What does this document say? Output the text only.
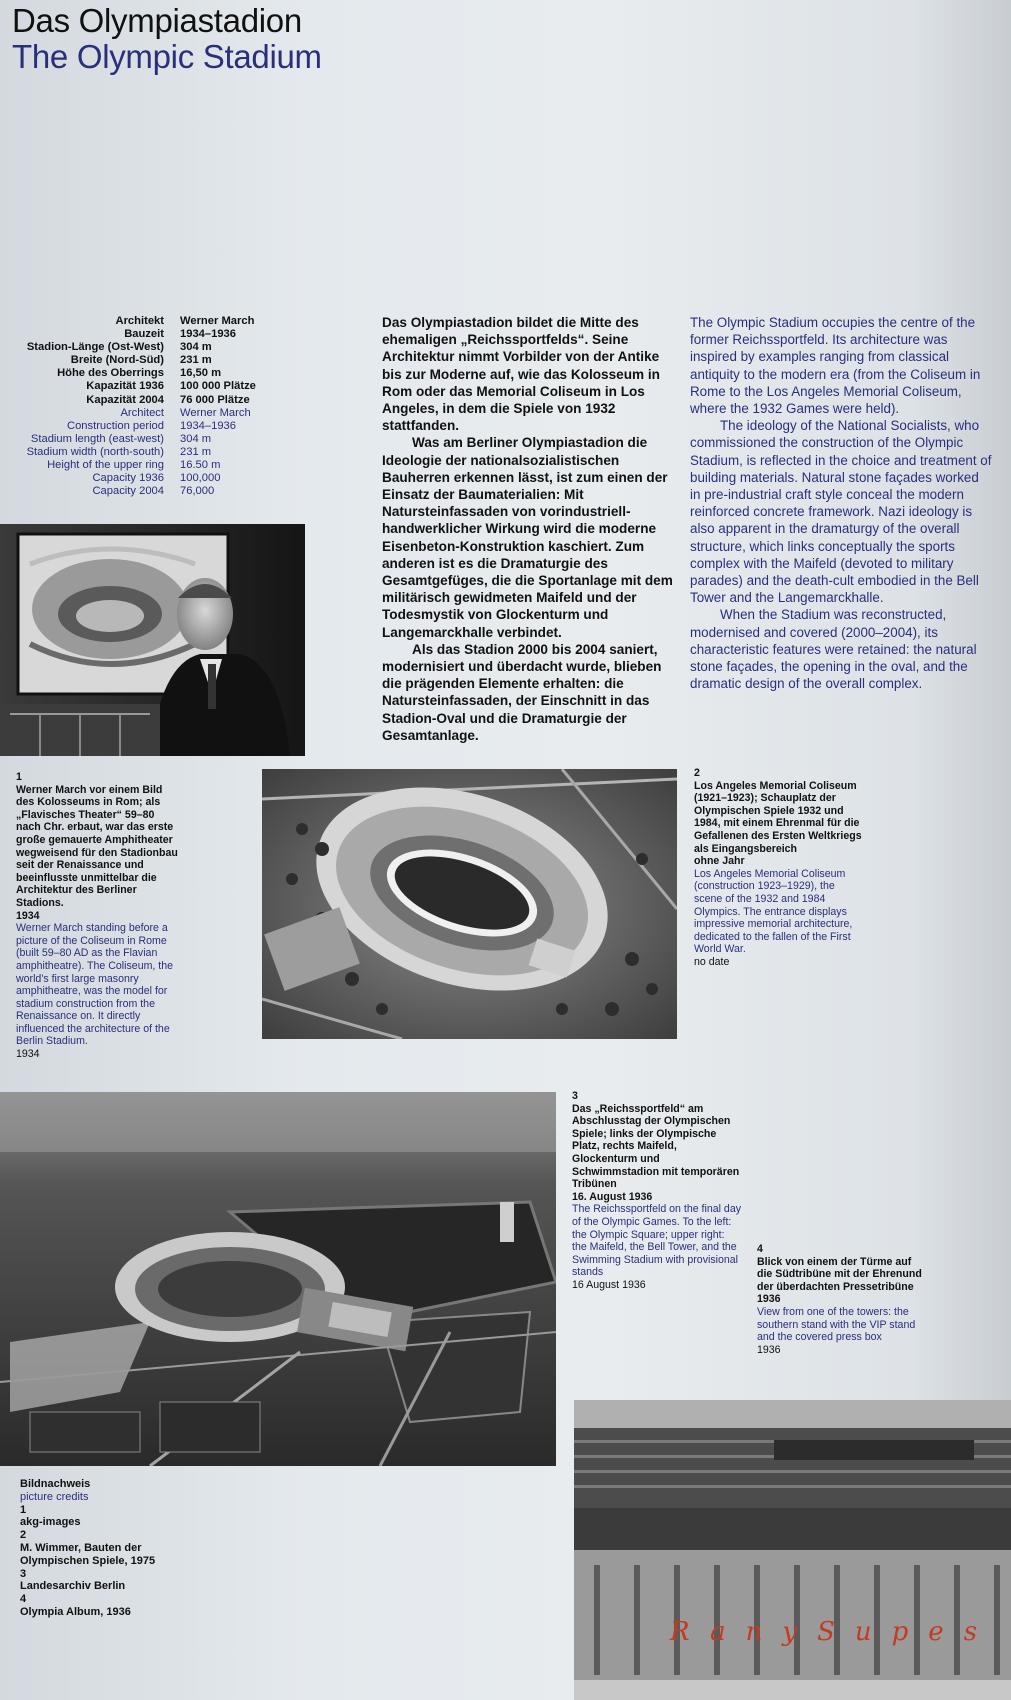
Das Olympiastadion
The Olympic Stadium
Architekt	Werner March
Bauzeit	1934–1936
Stadion-Länge (Ost-West)	304 m
Breite (Nord-Süd)	231 m
Höhe des Oberrings	16,50 m
Kapazität 1936	100 000 Plätze
Kapazität 2004	76 000 Plätze
Architect	Werner March
Construction period	1934–1936
Stadium length (east-west)	304 m
Stadium width (north-south)	231 m
Height of the upper ring	16.50 m
Capacity 1936	100,000
Capacity 2004	76,000

Das Olympiastadion bildet die Mitte des ehemaligen „Reichssportfelds“. Seine Architektur nimmt Vorbilder von der Antike bis zur Moderne auf, wie das Kolosseum in Rom oder das Memorial Coliseum in Los Angeles, in dem die Spiele von 1932 stattfanden.

Was am Berliner Olympiastadion die Ideologie der nationalsozialistischen Bauherren erkennen lässt, ist zum einen der Einsatz der Baumaterialien: Mit Natursteinfassaden von vorindustriell-handwerklicher Wirkung wird die moderne Eisenbeton-Konstruktion kaschiert. Zum anderen ist es die Dramaturgie des Gesamtgefüges, die die Sportanlage mit dem militärisch gewidmeten Maifeld und der Todesmystik von Glockenturm und Langemarckhalle verbindet.

Als das Stadion 2000 bis 2004 saniert, modernisiert und überdacht wurde, blieben die prägenden Elemente erhalten: die Natursteinfassaden, der Einschnitt in das Stadion-Oval und die Dramaturgie der Gesamtanlage.

The Olympic Stadium occupies the centre of the former Reichssportfeld. Its architecture was inspired by examples ranging from classical antiquity to the modern era (from the Coliseum in Rome to the Los Angeles Memorial Coliseum, where the 1932 Games were held).

The ideology of the National Socialists, who commissioned the construction of the Olympic Stadium, is reflected in the choice and treatment of building materials. Natural stone façades worked in pre-industrial craft style conceal the modern reinforced concrete framework. Nazi ideology is also apparent in the dramaturgy of the overall structure, which links conceptually the sports complex with the Maifeld (devoted to military parades) and the death-cult embodied in the Bell Tower and the Langemarckhalle.

When the Stadium was reconstructed, modernised and covered (2000–2004), its characteristic features were retained: the natural stone façades, the opening in the oval, and the dramatic design of the overall complex.

1
Werner March vor einem Bild des Kolosseums in Rom; als „Flavisches Theater“ 59–80 nach Chr. erbaut, war das erste große gemauerte Amphitheater wegweisend für den Stadionbau seit der Renaissance und beeinflusste unmittelbar die Architektur des Berliner Stadions.
1934
Werner March standing before a picture of the Coliseum in Rome (built 59–80 AD as the Flavian amphitheatre). The Coliseum, the world's first large masonry amphitheatre, was the model for stadium construction from the Renaissance on. It directly influenced the architecture of the Berlin Stadium.
1934
2
Los Angeles Memorial Coliseum (1921–1923); Schauplatz der Olympischen Spiele 1932 und 1984, mit einem Ehrenmal für die Gefallenen des Ersten Weltkriegs als Eingangsbereich
ohne Jahr
Los Angeles Memorial Coliseum (construction 1923–1929), the scene of the 1932 and 1984 Olympics. The entrance displays impressive memorial architecture, dedicated to the fallen of the First World War.
no date
3
Das „Reichssportfeld“ am Abschlusstag der Olympischen Spiele; links der Olympische Platz, rechts Maifeld, Glockenturm und Schwimmstadion mit temporären Tribünen
16. August 1936
The Reichssportfeld on the final day of the Olympic Games. To the left: the Olympic Square; upper right: the Maifeld, the Bell Tower, and the Swimming Stadium with provisional stands
16 August 1936
4
Blick von einem der Türme auf die Südtribüne mit der Ehrenund der überdachten Pressetribüne
1936
View from one of the towers: the southern stand with the VIP stand and the covered press box
1936
RanySupes
Bildnachweis
picture credits
1
akg-images
2
M. Wimmer, Bauten der Olympischen Spiele, 1975
3
Landesarchiv Berlin
4
Olympia Album, 1936
